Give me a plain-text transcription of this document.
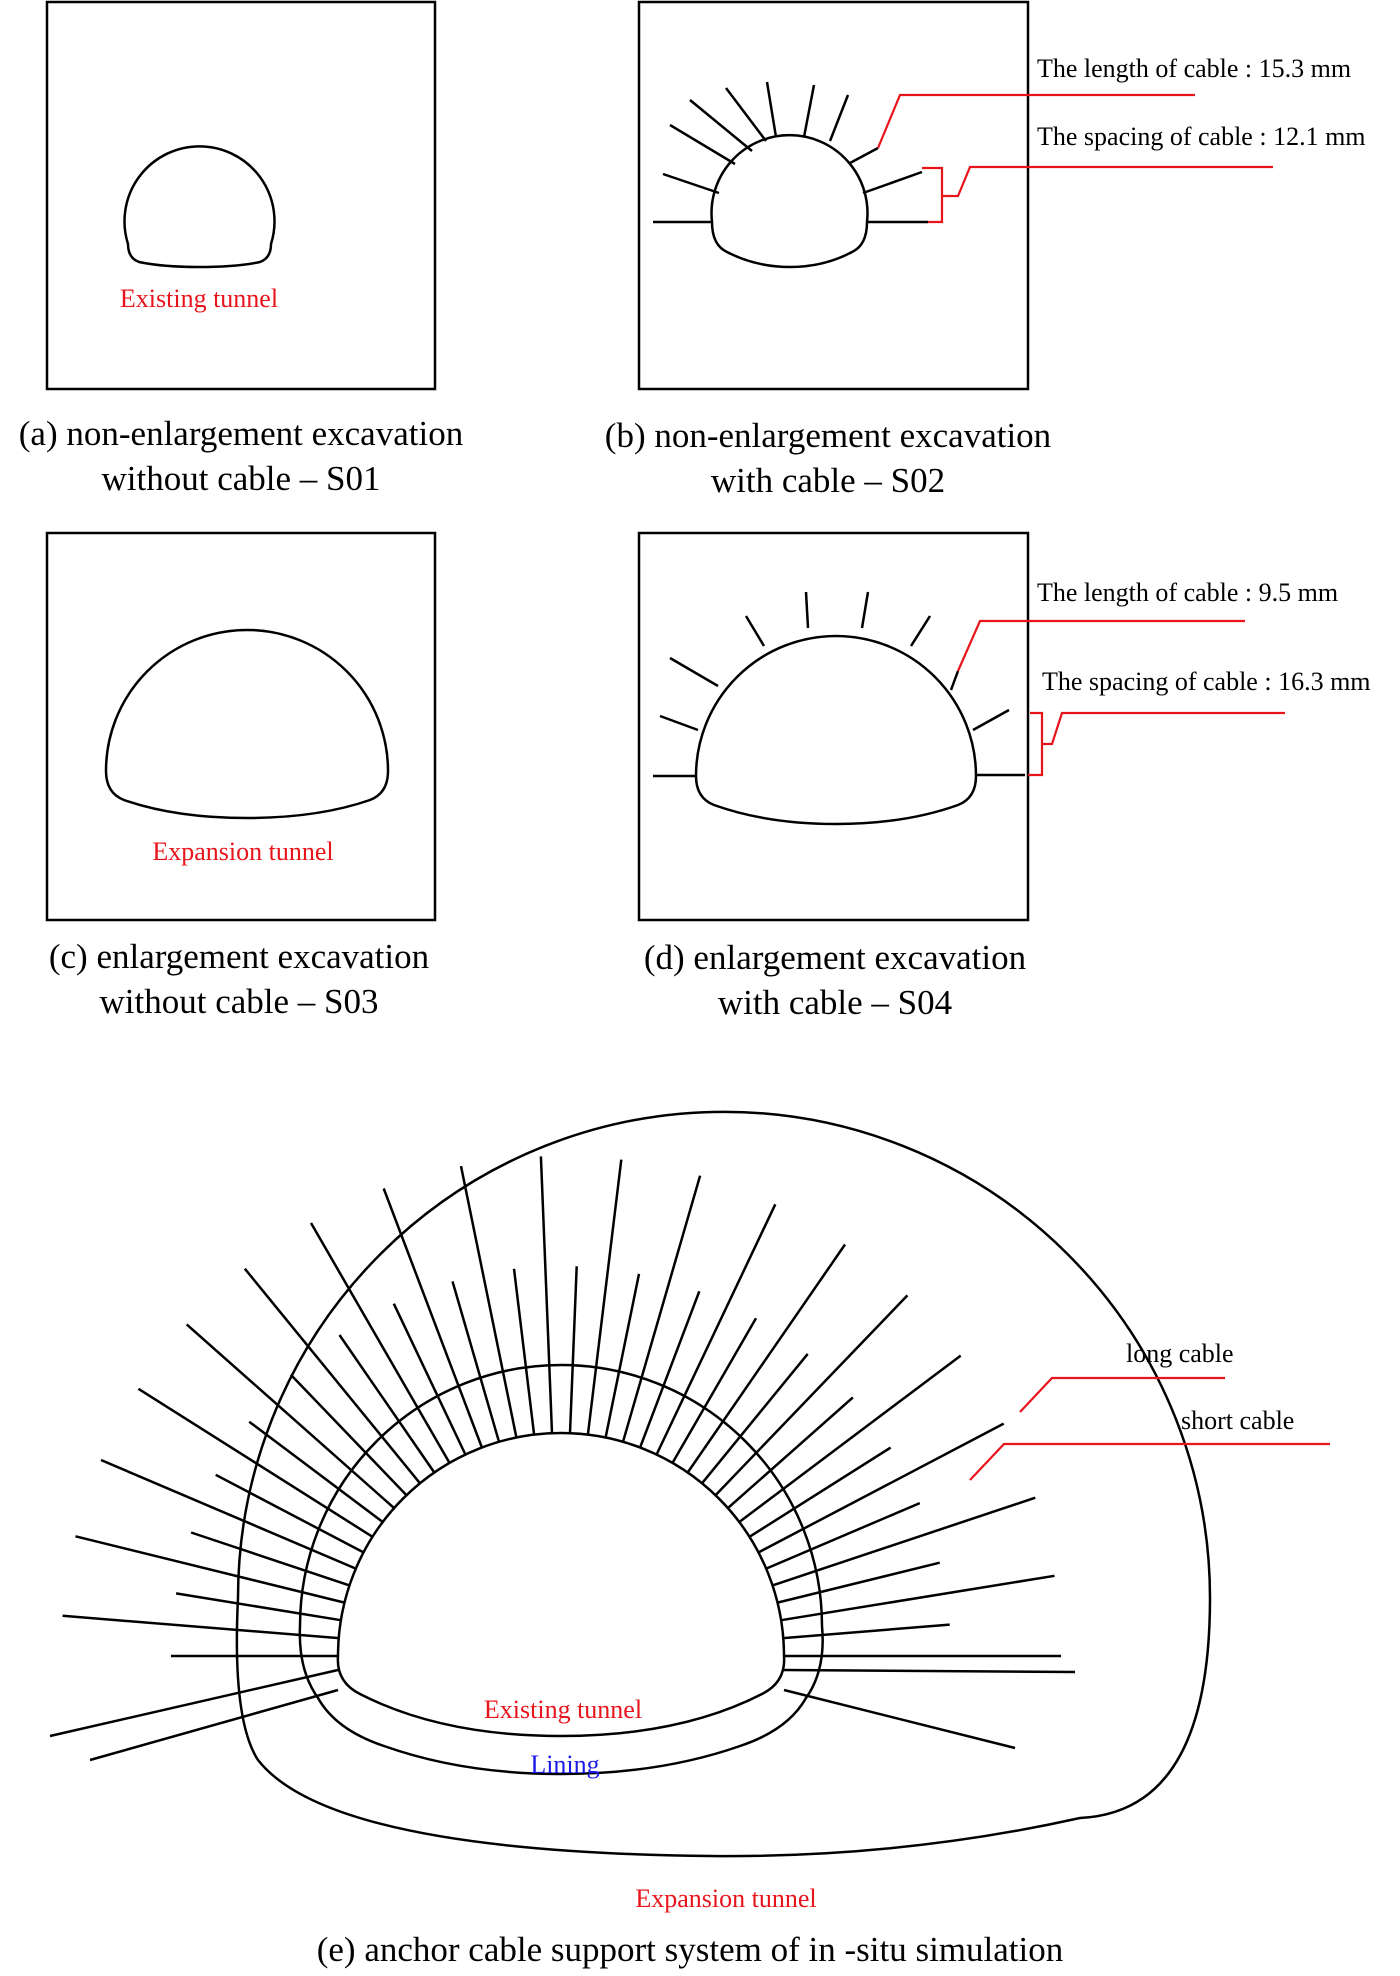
Existing tunnel
(a) non-enlargement excavation
without cable – S01
The length of cable : 15.3 mm
The spacing of cable : 12.1 mm
(b) non-enlargement excavation
with cable – S02
Expansion tunnel
(c) enlargement excavation
without cable – S03
The length of cable : 9.5 mm
The spacing of cable : 16.3 mm
(d) enlargement excavation
with cable – S04
long cable
short cable
Existing tunnel
Lining
Expansion tunnel
(e) anchor cable support system of in -situ simulation
